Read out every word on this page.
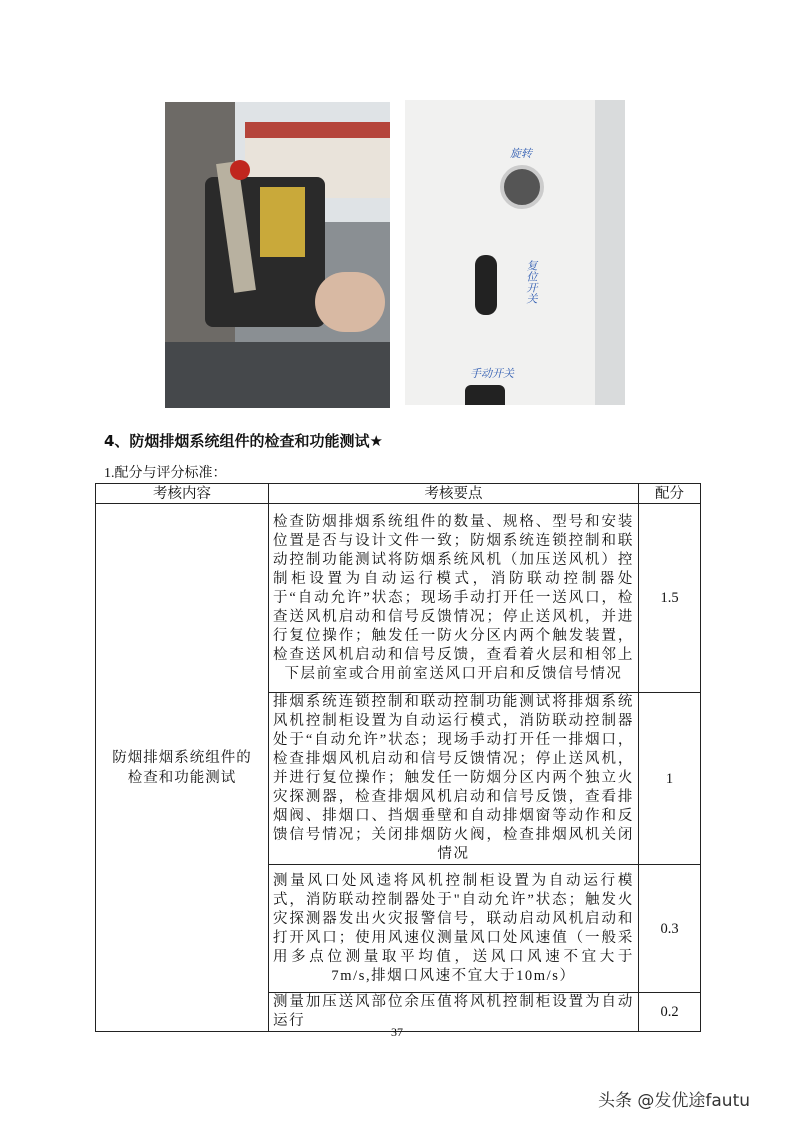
旋转
复位开关
手动开关
4、防烟排烟系统组件的检查和功能测试★
1.配分与评分标准：
考核内容	考核要点	配分
防烟排烟系统组件的检查和功能测试	检查防烟排烟系统组件的数量、规格、型号和安装位置是否与设计文件一致；防烟系统连锁控制和联动控制功能测试将防烟系统风机（加压送风机）控制柜设置为自动运行模式，消防联动控制器处于“自动允许”状态；现场手动打开任一送风口，检查送风机启动和信号反馈情况；停止送风机，并进行复位操作；触发任一防火分区内两个触发装置，检查送风机启动和信号反馈，查看着火层和相邻上下层前室或合用前室送风口开启和反馈信号情况	1.5
	排烟系统连锁控制和联动控制功能测试将排烟系统风机控制柜设置为自动运行模式，消防联动控制器处于“自动允许”状态；现场手动打开任一排烟口，检查排烟风机启动和信号反馈情况；停止送风机，并进行复位操作；触发任一防烟分区内两个独立火灾探测器，检查排烟风机启动和信号反馈，查看排烟阀、排烟口、挡烟垂壁和自动排烟窗等动作和反馈信号情况；关闭排烟防火阀，检查排烟风机关闭情况	1
	测量风口处风逵将风机控制柜设置为自动运行模式，消防联动控制器处于"自动允许”状态；触发火灾探测器发出火灾报警信号，联动启动风机启动和打开风口；使用风速仪测量风口处风速值（一般采用多点位测量取平均值，送风口风速不宜大于 7m/s,排烟口风速不宜大于10m/s）	0.3
	测量加压送风部位余压值将风机控制柜设置为自动运行	0.2
37
头条 @发优途fautu
